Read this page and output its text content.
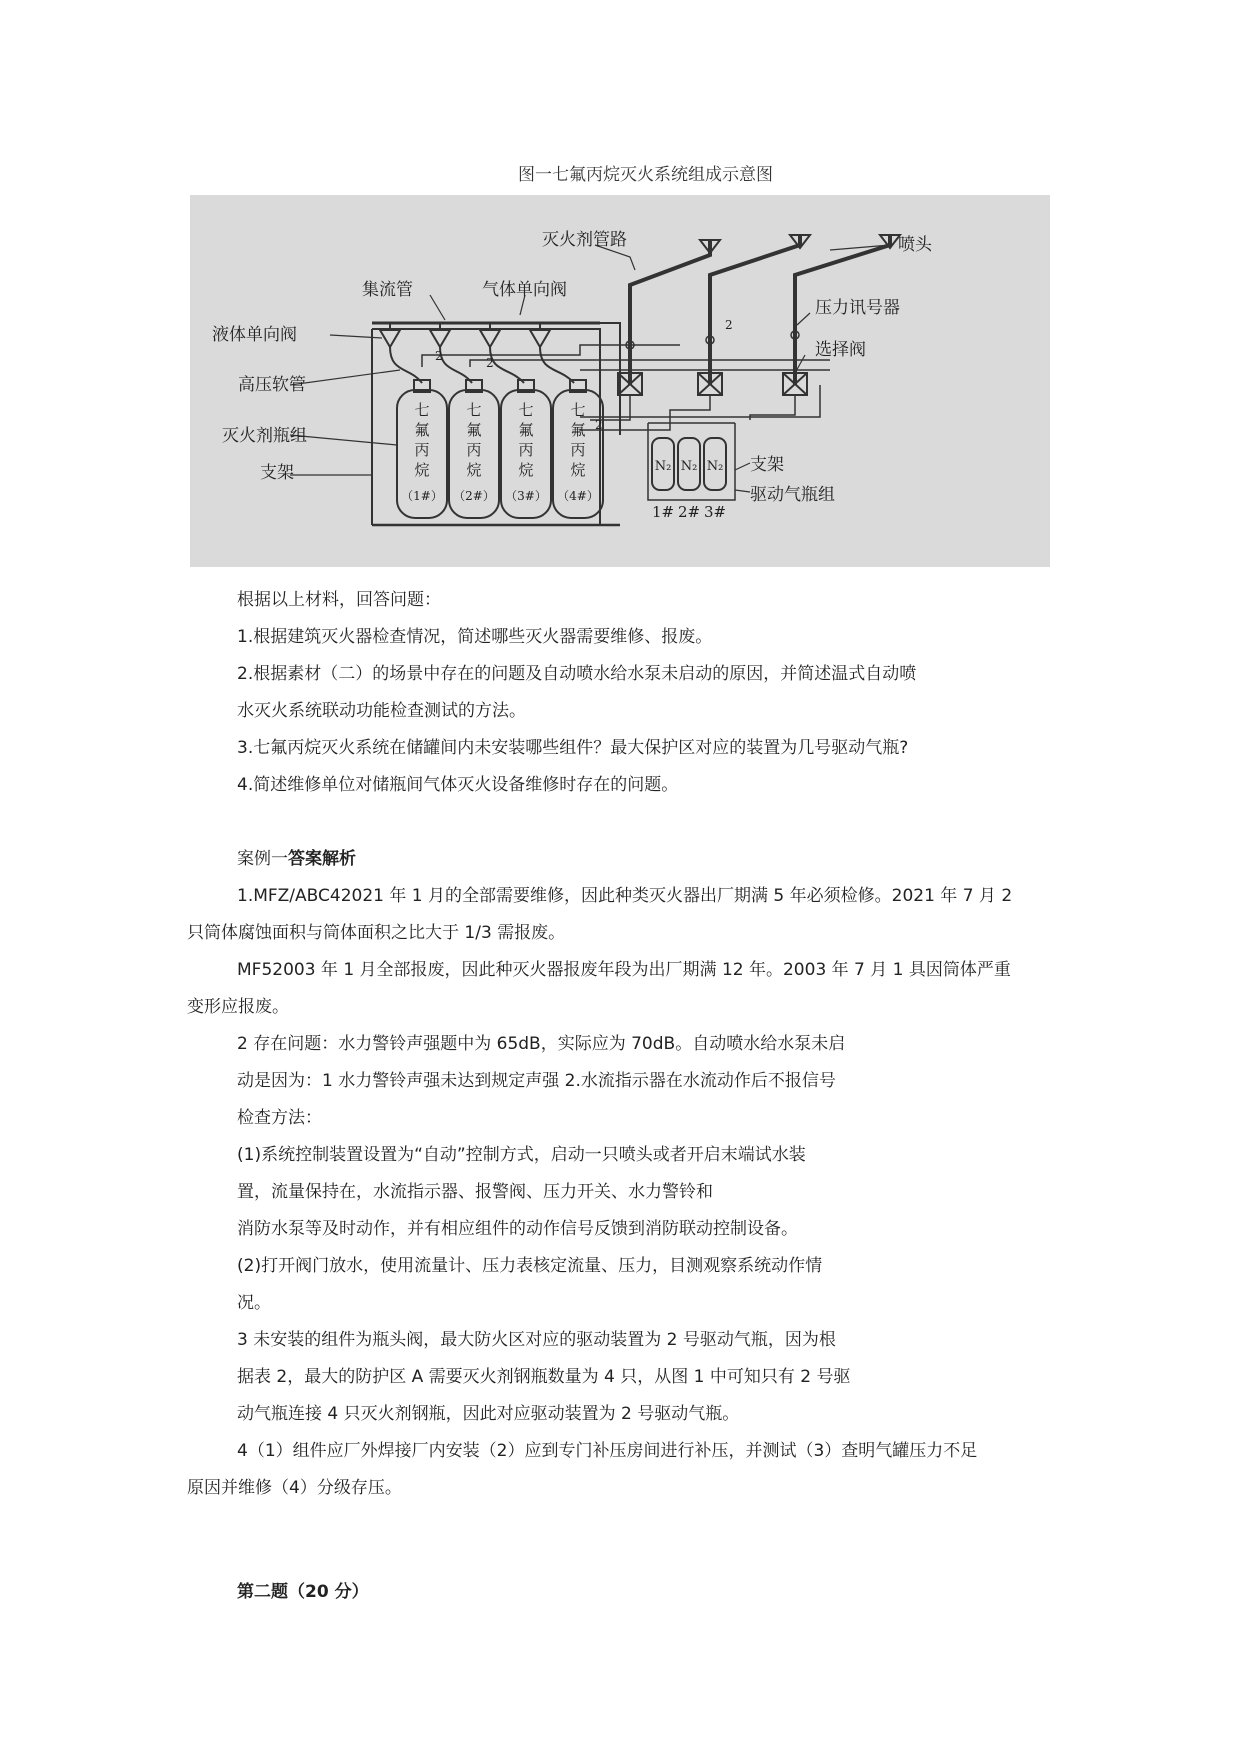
图一七氟丙烷灭火系统组成示意图
灭火剂管路	喷头
集流管	气体单向阀
液体单向阀
压力讯号器
选择阀
高压软管
灭火剂瓶组
支架	支架
驱动气瓶组
2	2
2
2
七
氟
丙
烷
（1#）
七
氟
丙
烷
（2#）
七
氟
丙
烷
（3#）
七
氟
丙
烷
（4#）
N₂ N₂ N₂
1# 2# 3#
根据以上材料，回答问题：
1.根据建筑灭火器检查情况，简述哪些灭火器需要维修、报废。
2.根据素材（二）的场景中存在的问题及自动喷水给水泵未启动的原因，并简述温式自动喷
水灭火系统联动功能检查测试的方法。
3.七氟丙烷灭火系统在储罐间内未安装哪些组件？最大保护区对应的装置为几号驱动气瓶?
4.简述维修单位对储瓶间气体灭火设备维修时存在的问题。
案例一答案解析
1.MFZ/ABC42021 年 1 月的全部需要维修，因此种类灭火器出厂期满 5 年必须检修。2021 年 7 月 2
只筒体腐蚀面积与筒体面积之比大于 1/3 需报废。
MF52003 年 1 月全部报废，因此种灭火器报废年段为出厂期满 12 年。2003 年 7 月 1 具因筒体严重
变形应报废。
2 存在问题：水力警铃声强题中为 65dB，实际应为 70dB。自动喷水给水泵未启
动是因为：1 水力警铃声强未达到规定声强 2.水流指示器在水流动作后不报信号
检查方法：
(1)系统控制装置设置为“自动”控制方式，启动一只喷头或者开启末端试水装
置，流量保持在，水流指示器、报警阀、压力开关、水力警铃和
消防水泵等及时动作，并有相应组件的动作信号反馈到消防联动控制设备。
(2)打开阀门放水，使用流量计、压力表核定流量、压力，目测观察系统动作情
况。
3 未安装的组件为瓶头阀，最大防火区对应的驱动装置为 2 号驱动气瓶，因为根
据表 2，最大的防护区 A 需要灭火剂钢瓶数量为 4 只，从图 1 中可知只有 2 号驱
动气瓶连接 4 只灭火剂钢瓶，因此对应驱动装置为 2 号驱动气瓶。
4（1）组件应厂外焊接厂内安装（2）应到专门补压房间进行补压，并测试（3）查明气罐压力不足
原因并维修（4）分级存压。
第二题（20 分）
